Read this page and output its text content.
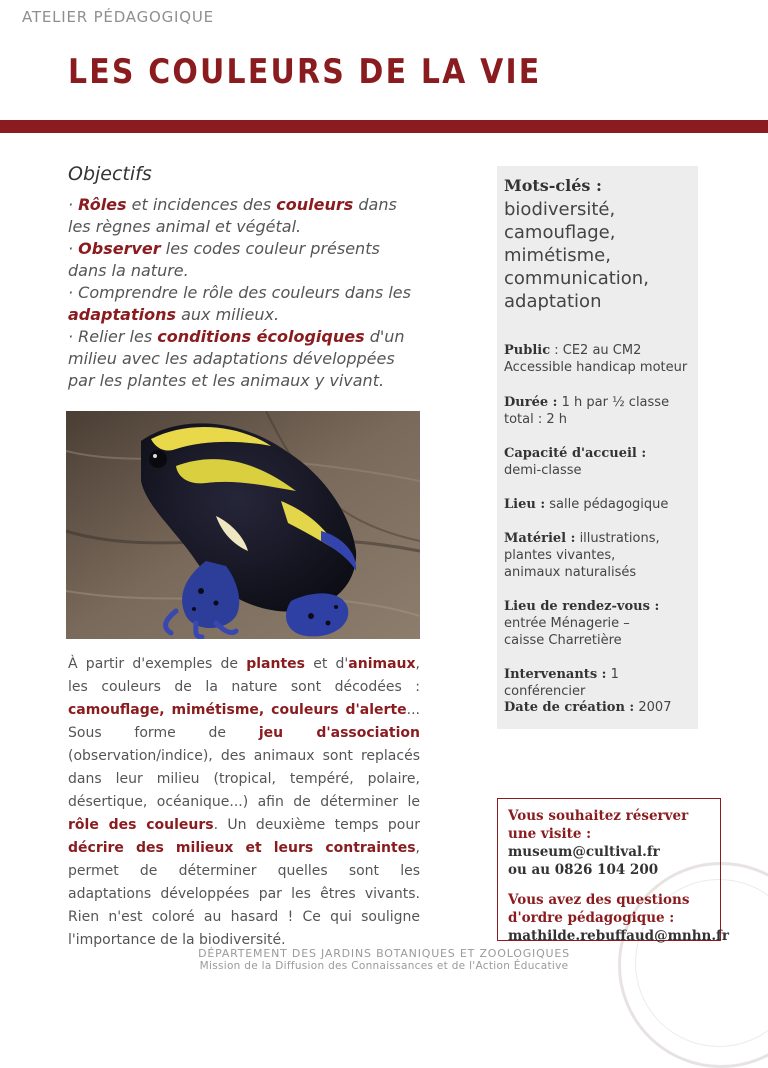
ATELIER PÉDAGOGIQUE
LES COULEURS DE LA VIE
Objectifs
· Rôles et incidences des couleurs dans les règnes animal et végétal.
· Observer les codes couleur présents dans la nature.
· Comprendre le rôle des couleurs dans les adaptations aux milieux.
· Relier les conditions écologiques d'un milieu avec les adaptations développées par les plantes et les animaux y vivant.
À partir d'exemples de plantes et d'animaux, les couleurs de la nature sont décodées : camouflage, mimétisme, couleurs d'alerte... Sous forme de jeu d'association (observation/indice), des animaux sont replacés dans leur milieu (tropical, tempéré, polaire, désertique, océanique...) afin de déterminer le rôle des couleurs. Un deuxième temps pour décrire des milieux et leurs contraintes, permet de déterminer quelles sont les adaptations développées par les êtres vivants. Rien n'est coloré au hasard ! Ce qui souligne l'importance de la biodiversité.
Mots-clés :
biodiversité,
camouflage,
mimétisme,
communication,
adaptation
Public : CE2 au CM2
Accessible handicap moteur
Durée : 1 h par ½ classe
total : 2 h
Capacité d'accueil :
demi-classe
Lieu : salle pédagogique
Matériel : illustrations,
plantes vivantes,
animaux naturalisés
Lieu de rendez-vous :
entrée Ménagerie –
caisse Charretière
Intervenants : 1 conférencier
Date de création : 2007
Vous souhaitez réserver une visite :
museum@cultival.fr
ou au 0826 104 200
Vous avez des questions d'ordre pédagogique :
mathilde.rebuffaud@mnhn.fr
DÉPARTEMENT DES JARDINS BOTANIQUES ET ZOOLOGIQUES
Mission de la Diffusion des Connaissances et de l'Action Éducative
